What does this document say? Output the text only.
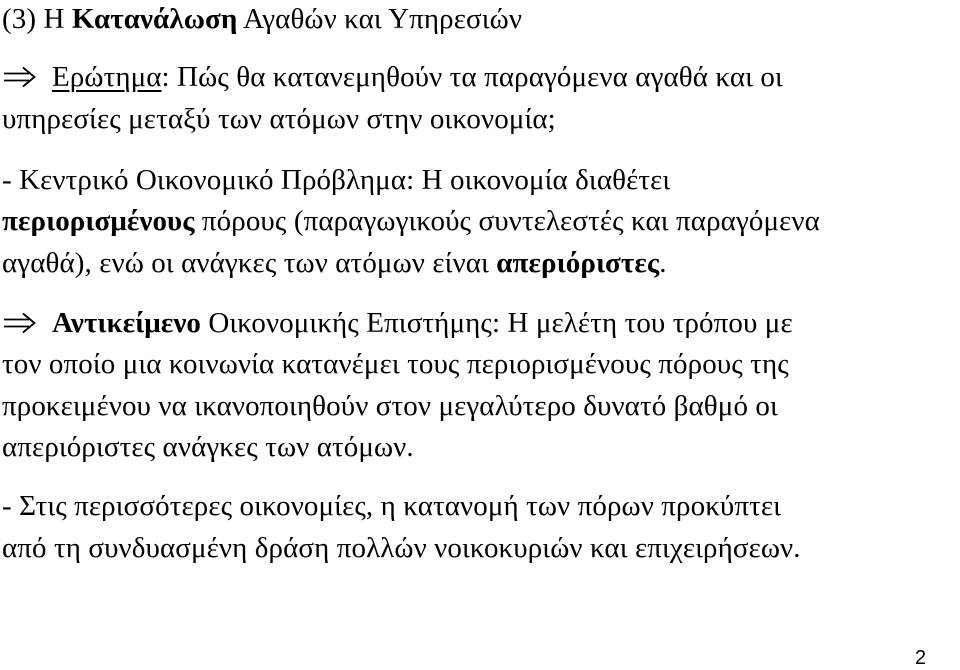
(3) Η Κατανάλωση Αγαθών και Υπηρεσιών
Ερώτημα: Πώς θα κατανεμηθούν τα παραγόμενα αγαθά και οι
υπηρεσίες μεταξύ των ατόμων στην οικονομία;
- Κεντρικό Οικονομικό Πρόβλημα: Η οικονομία διαθέτει
περιορισμένους πόρους (παραγωγικούς συντελεστές και παραγόμενα
αγαθά), ενώ οι ανάγκες των ατόμων είναι απεριόριστες.
Αντικείμενο Οικονομικής Επιστήμης: Η μελέτη του τρόπου με
τον οποίο μια κοινωνία κατανέμει τους περιορισμένους πόρους της
προκειμένου να ικανοποιηθούν στον μεγαλύτερο δυνατό βαθμό οι
απεριόριστες ανάγκες των ατόμων.
- Στις περισσότερες οικονομίες, η κατανομή των πόρων προκύπτει
από τη συνδυασμένη δράση πολλών νοικοκυριών και επιχειρήσεων.
2
